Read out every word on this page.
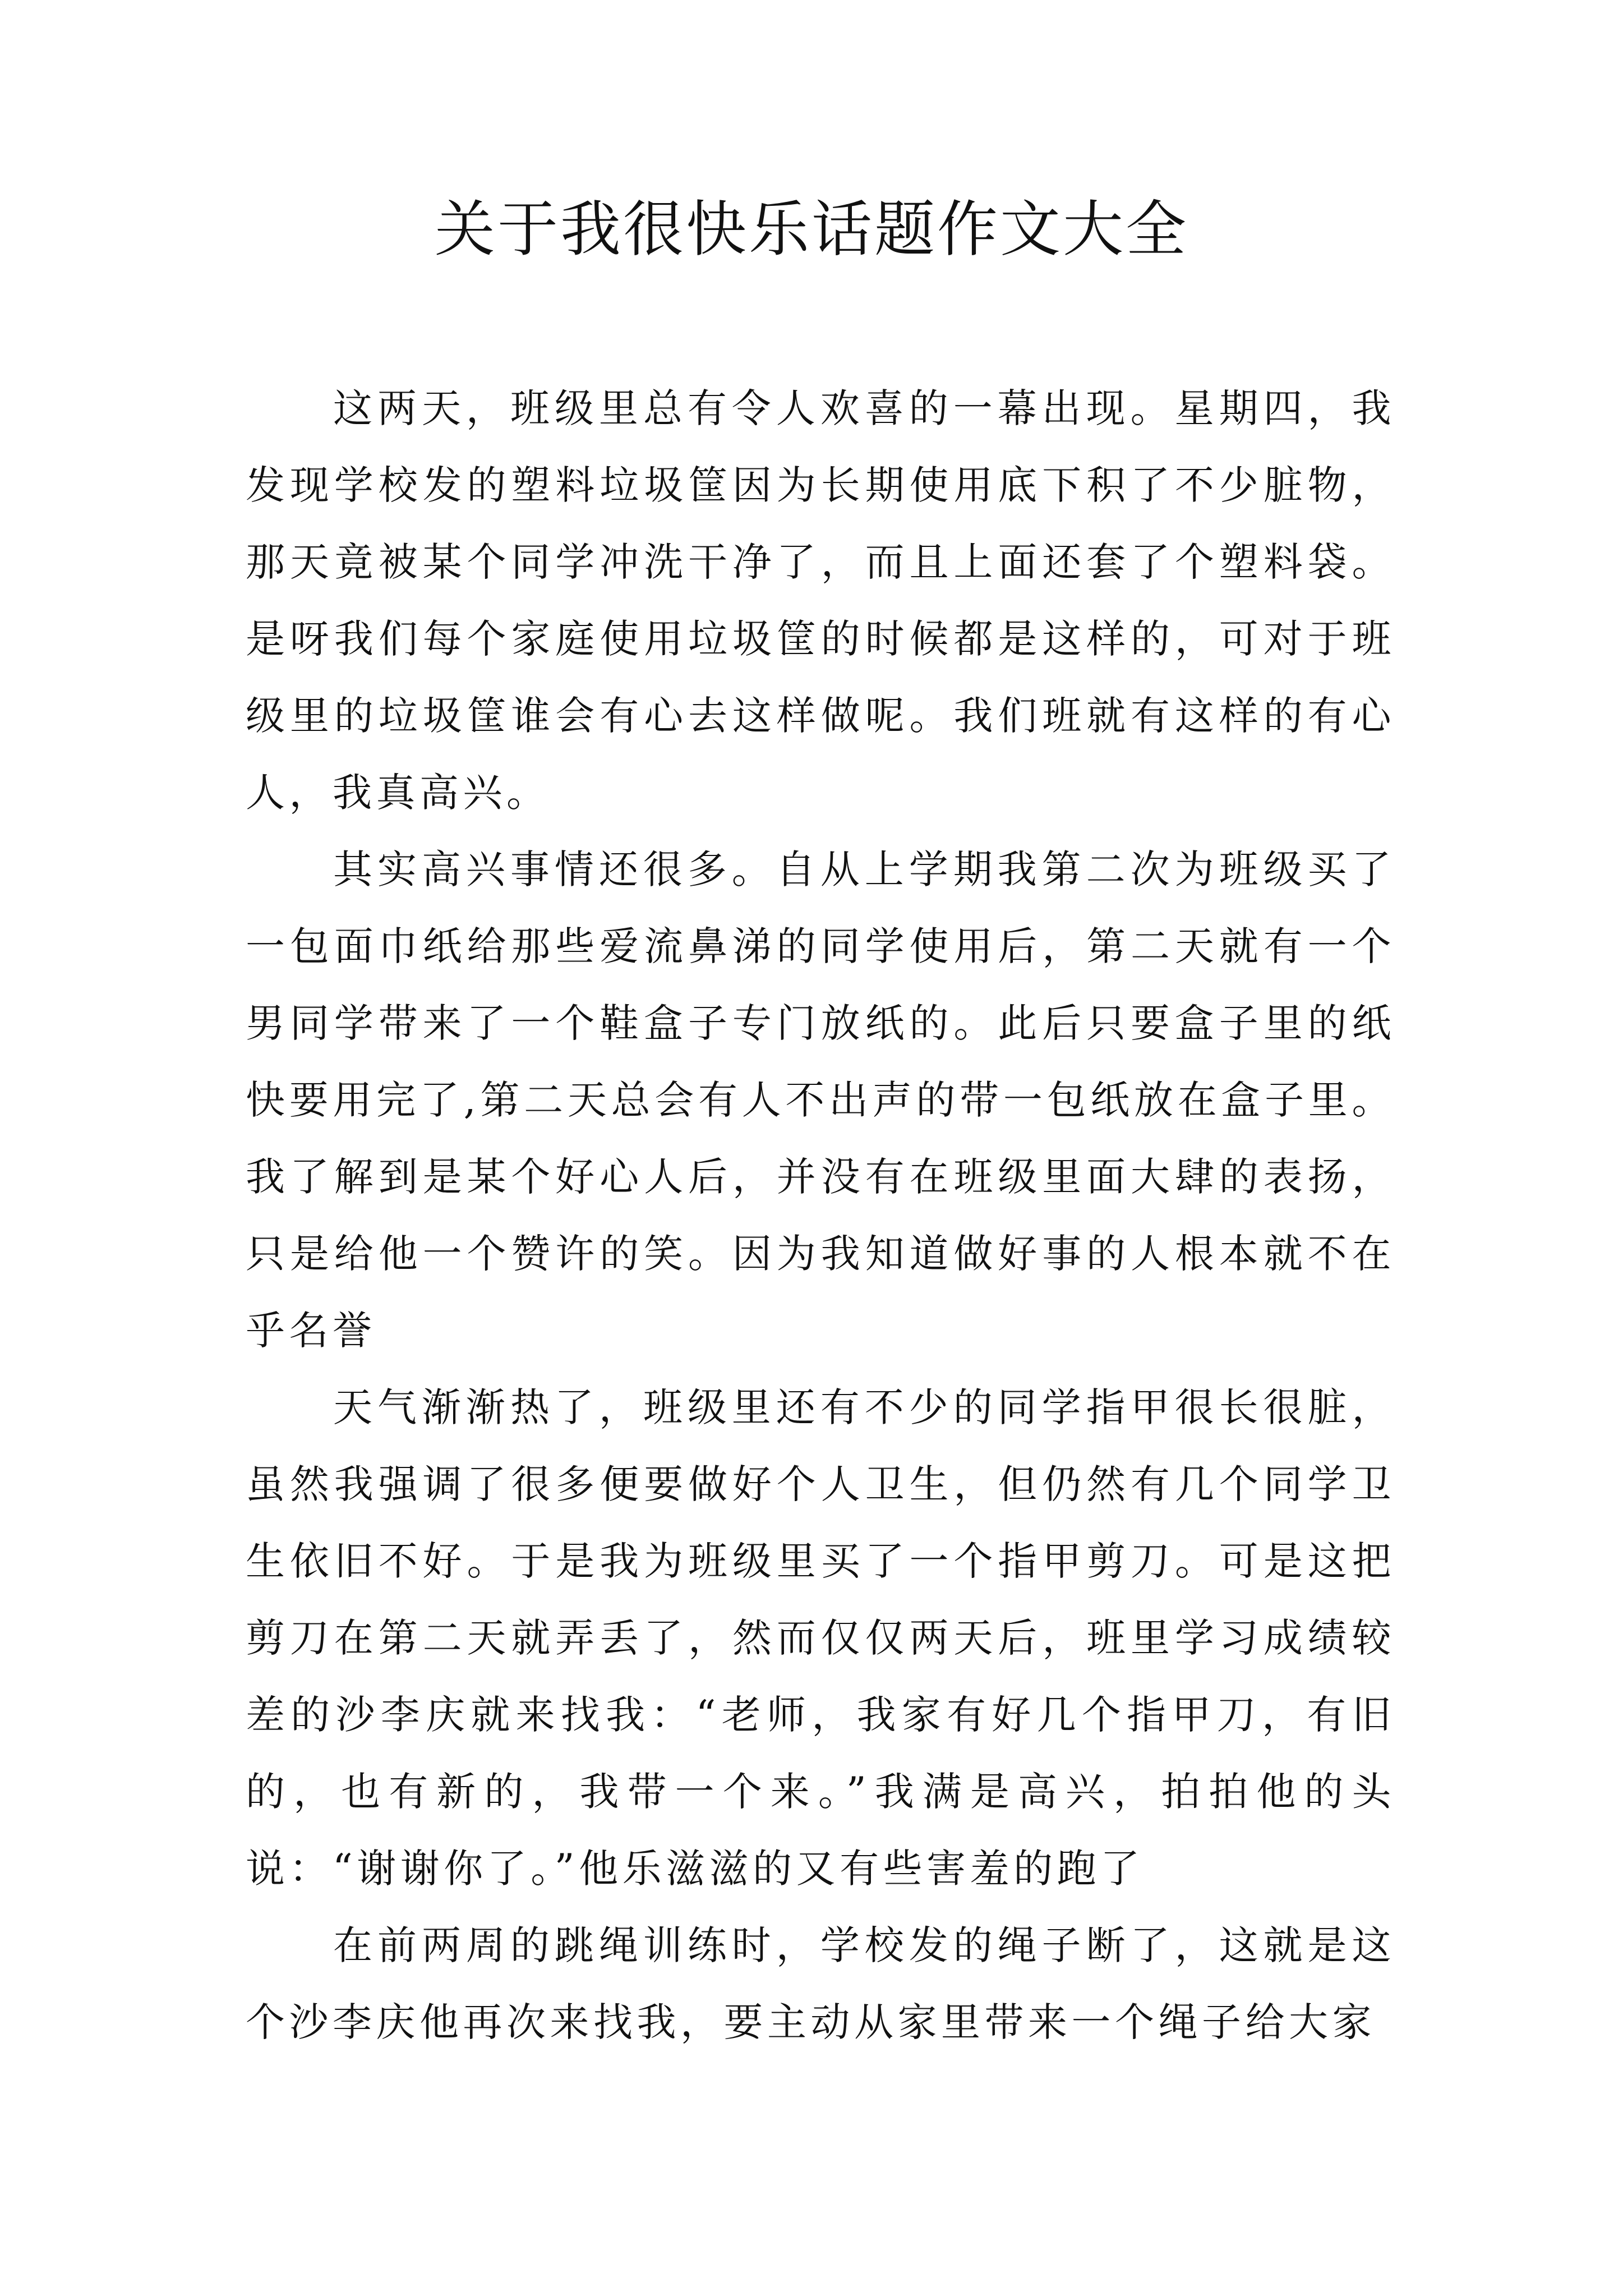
关于我很快乐话题作文大全

这两天，班级里总有令人欢喜的一幕出现。星期四，我发现学校发的塑料垃圾筐因为长期使用底下积了不少脏物，那天竟被某个同学冲洗干净了，而且上面还套了个塑料袋。是呀我们每个家庭使用垃圾筐的时候都是这样的，可对于班级里的垃圾筐谁会有心去这样做呢。我们班就有这样的有心人，我真高兴。

其实高兴事情还很多。自从上学期我第二次为班级买了一包面巾纸给那些爱流鼻涕的同学使用后，第二天就有一个男同学带来了一个鞋盒子专门放纸的。此后只要盒子里的纸快要用完了,第二天总会有人不出声的带一包纸放在盒子里。我了解到是某个好心人后，并没有在班级里面大肆的表扬，只是给他一个赞许的笑。因为我知道做好事的人根本就不在乎名誉

天气渐渐热了，班级里还有不少的同学指甲很长很脏，虽然我强调了很多便要做好个人卫生，但仍然有几个同学卫生依旧不好。于是我为班级里买了一个指甲剪刀。可是这把剪刀在第二天就弄丢了，然而仅仅两天后，班里学习成绩较差的沙李庆就来找我：“老师，我家有好几个指甲刀，有旧的，也有新的，我带一个来。”我满是高兴，拍拍他的头说：“谢谢你了。”他乐滋滋的又有些害羞的跑了

在前两周的跳绳训练时，学校发的绳子断了，这就是这个沙李庆他再次来找我，要主动从家里带来一个绳子给大家
